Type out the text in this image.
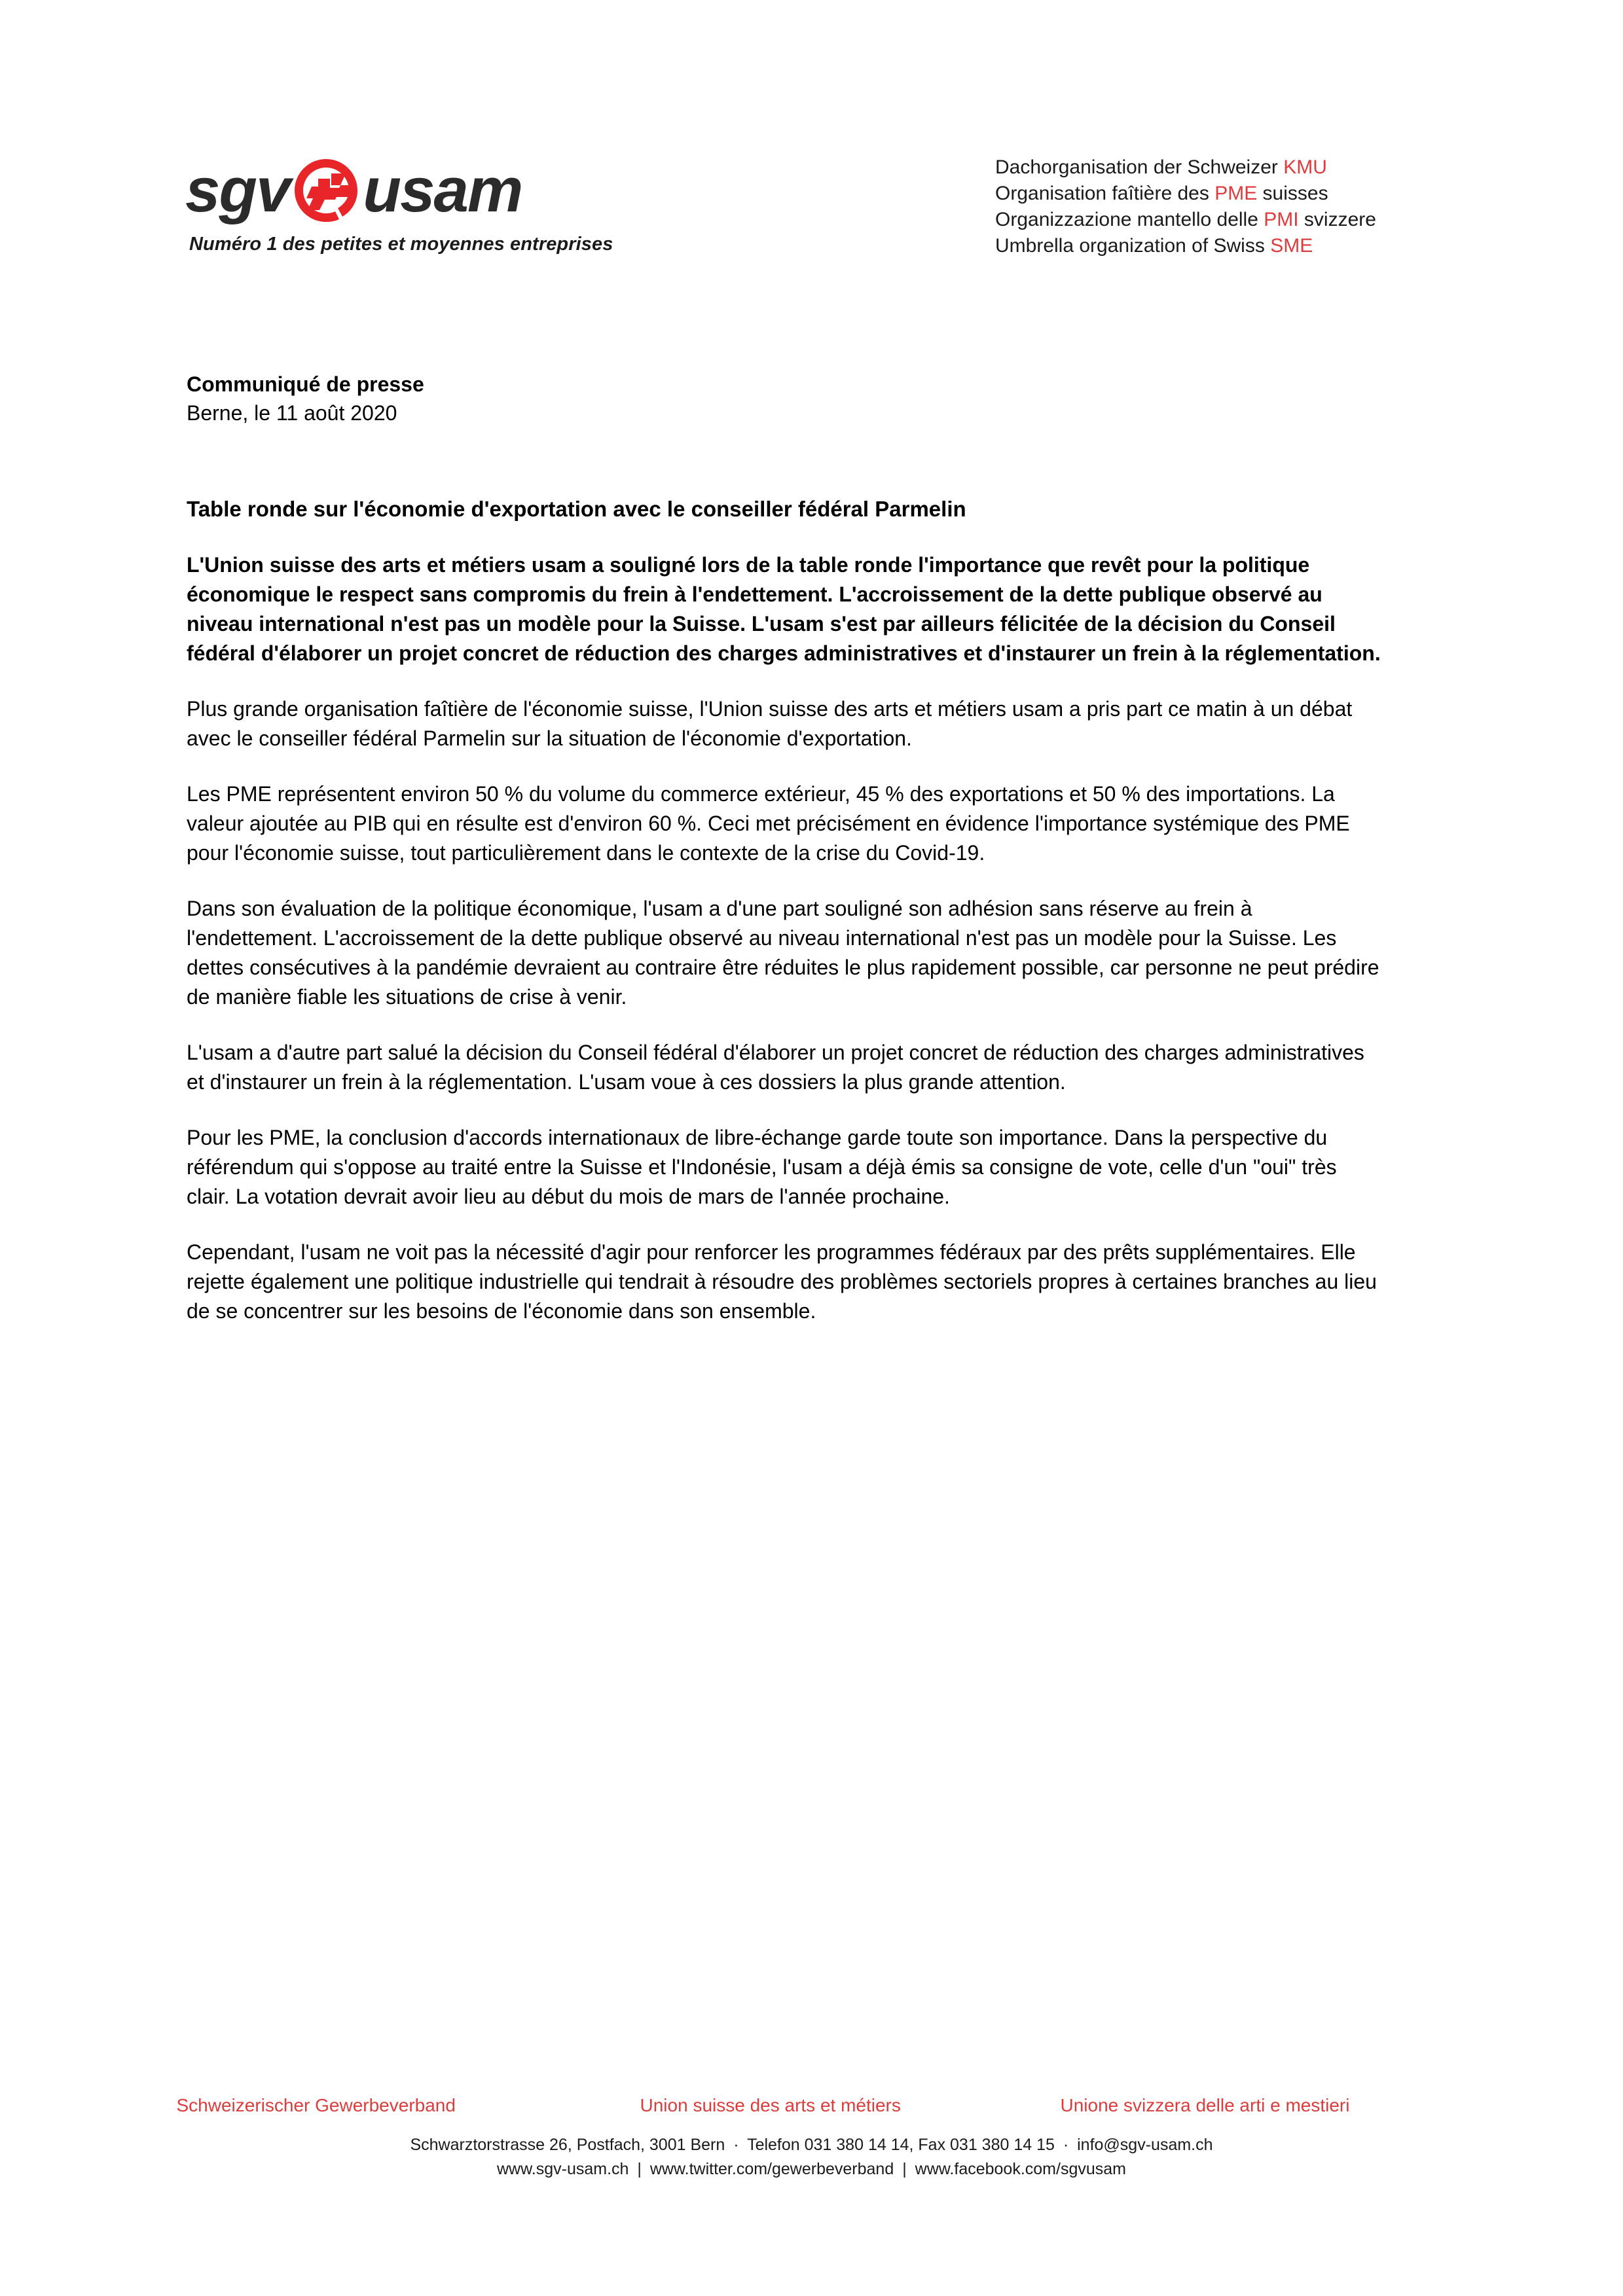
sgv usam
Numéro 1 des petites et moyennes entreprises
Dachorganisation der Schweizer KMU
Organisation faîtière des PME suisses
Organizzazione mantello delle PMI svizzere
Umbrella organization of Swiss SME
Communiqué de presse
Berne, le 11 août 2020
Table ronde sur l'économie d'exportation avec le conseiller fédéral Parmelin

L'Union suisse des arts et métiers usam a souligné lors de la table ronde l'importance que revêt pour la politique économique le respect sans compromis du frein à l'endettement. L'accroissement de la dette publique observé au niveau international n'est pas un modèle pour la Suisse. L'usam s'est par ailleurs félicitée de la décision du Conseil fédéral d'élaborer un projet concret de réduction des charges administratives et d'instaurer un frein à la réglementation.

Plus grande organisation faîtière de l'économie suisse, l'Union suisse des arts et métiers usam a pris part ce matin à un débat avec le conseiller fédéral Parmelin sur la situation de l'économie d'exportation.

Les PME représentent environ 50 % du volume du commerce extérieur, 45 % des exportations et 50 % des importations. La valeur ajoutée au PIB qui en résulte est d'environ 60 %. Ceci met précisément en évidence l'importance systémique des PME pour l'économie suisse, tout particulièrement dans le contexte de la crise du Covid-19.

Dans son évaluation de la politique économique, l'usam a d'une part souligné son adhésion sans réserve au frein à l'endettement. L'accroissement de la dette publique observé au niveau international n'est pas un modèle pour la Suisse. Les dettes consécutives à la pandémie devraient au contraire être réduites le plus rapidement possible, car personne ne peut prédire de manière fiable les situations de crise à venir.

L'usam a d'autre part salué la décision du Conseil fédéral d'élaborer un projet concret de réduction des charges administratives et d'instaurer un frein à la réglementation. L'usam voue à ces dossiers la plus grande attention.

Pour les PME, la conclusion d'accords internationaux de libre-échange garde toute son importance. Dans la perspective du référendum qui s'oppose au traité entre la Suisse et l'Indonésie, l'usam a déjà émis sa consigne de vote, celle d'un "oui" très clair. La votation devrait avoir lieu au début du mois de mars de l'année prochaine.

Cependant, l'usam ne voit pas la nécessité d'agir pour renforcer les programmes fédéraux par des prêts supplémentaires. Elle rejette également une politique industrielle qui tendrait à résoudre des problèmes sectoriels propres à certaines branches au lieu de se concentrer sur les besoins de l'économie dans son ensemble.

Schweizerischer Gewerbeverband	Union suisse des arts et métiers	Unione svizzera delle arti e mestieri
Schwarztorstrasse 26, Postfach, 3001 Bern · Telefon 031 380 14 14, Fax 031 380 14 15 · info@sgv-usam.ch
www.sgv-usam.ch | www.twitter.com/gewerbeverband | www.facebook.com/sgvusam
